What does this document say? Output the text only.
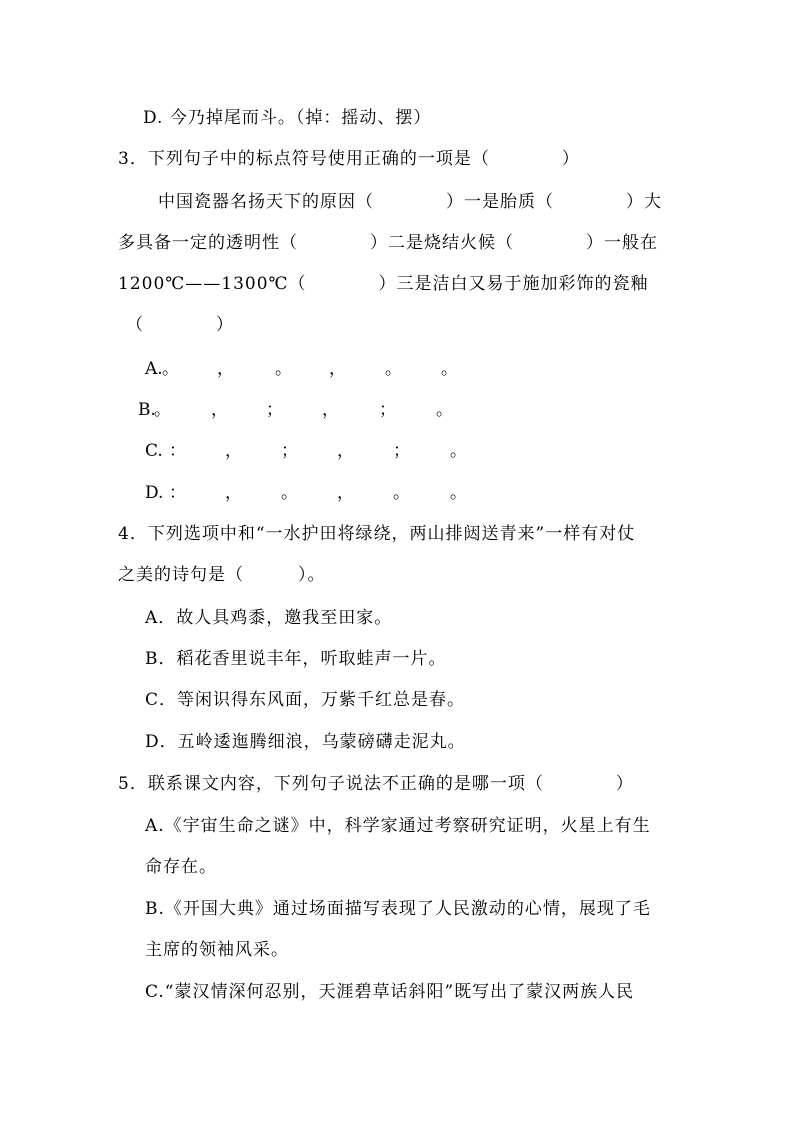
D. 今乃掉尾而斗。（掉：摇动、摆）
3．下列句子中的标点符号使用正确的一项是（　　　　）
中国瓷器名扬天下的原因（　　　　）一是胎质（　　　　）大
多具备一定的透明性（　　　　）二是烧结火候（　　　　）一般在
1200℃——1300℃（　　　　）三是洁白又易于施加彩饰的瓷釉
（　　　　）
A. 。 ， 。 ， 。 。
B.
。 ， ； ， ； 。
C. ： ， ； ， ； 。
D. ： ， 。 ， 。 。
4．下列选项中和“一水护田将绿绕，两山排闼送青来”一样有对仗
之美的诗句是（　　　）。
A．故人具鸡黍，邀我至田家。
B．稻花香里说丰年，听取蛙声一片。
C．等闲识得东风面，万紫千红总是春。
D．五岭逶迤腾细浪，乌蒙磅礴走泥丸。
5．联系课文内容，下列句子说法不正确的是哪一项（　　　　）
A.《宇宙生命之谜》中，科学家通过考察研究证明，火星上有生
命存在。
B.《开国大典》通过场面描写表现了人民激动的心情，展现了毛
主席的领袖风采。
C.“蒙汉情深何忍别，天涯碧草话斜阳”既写出了蒙汉两族人民
